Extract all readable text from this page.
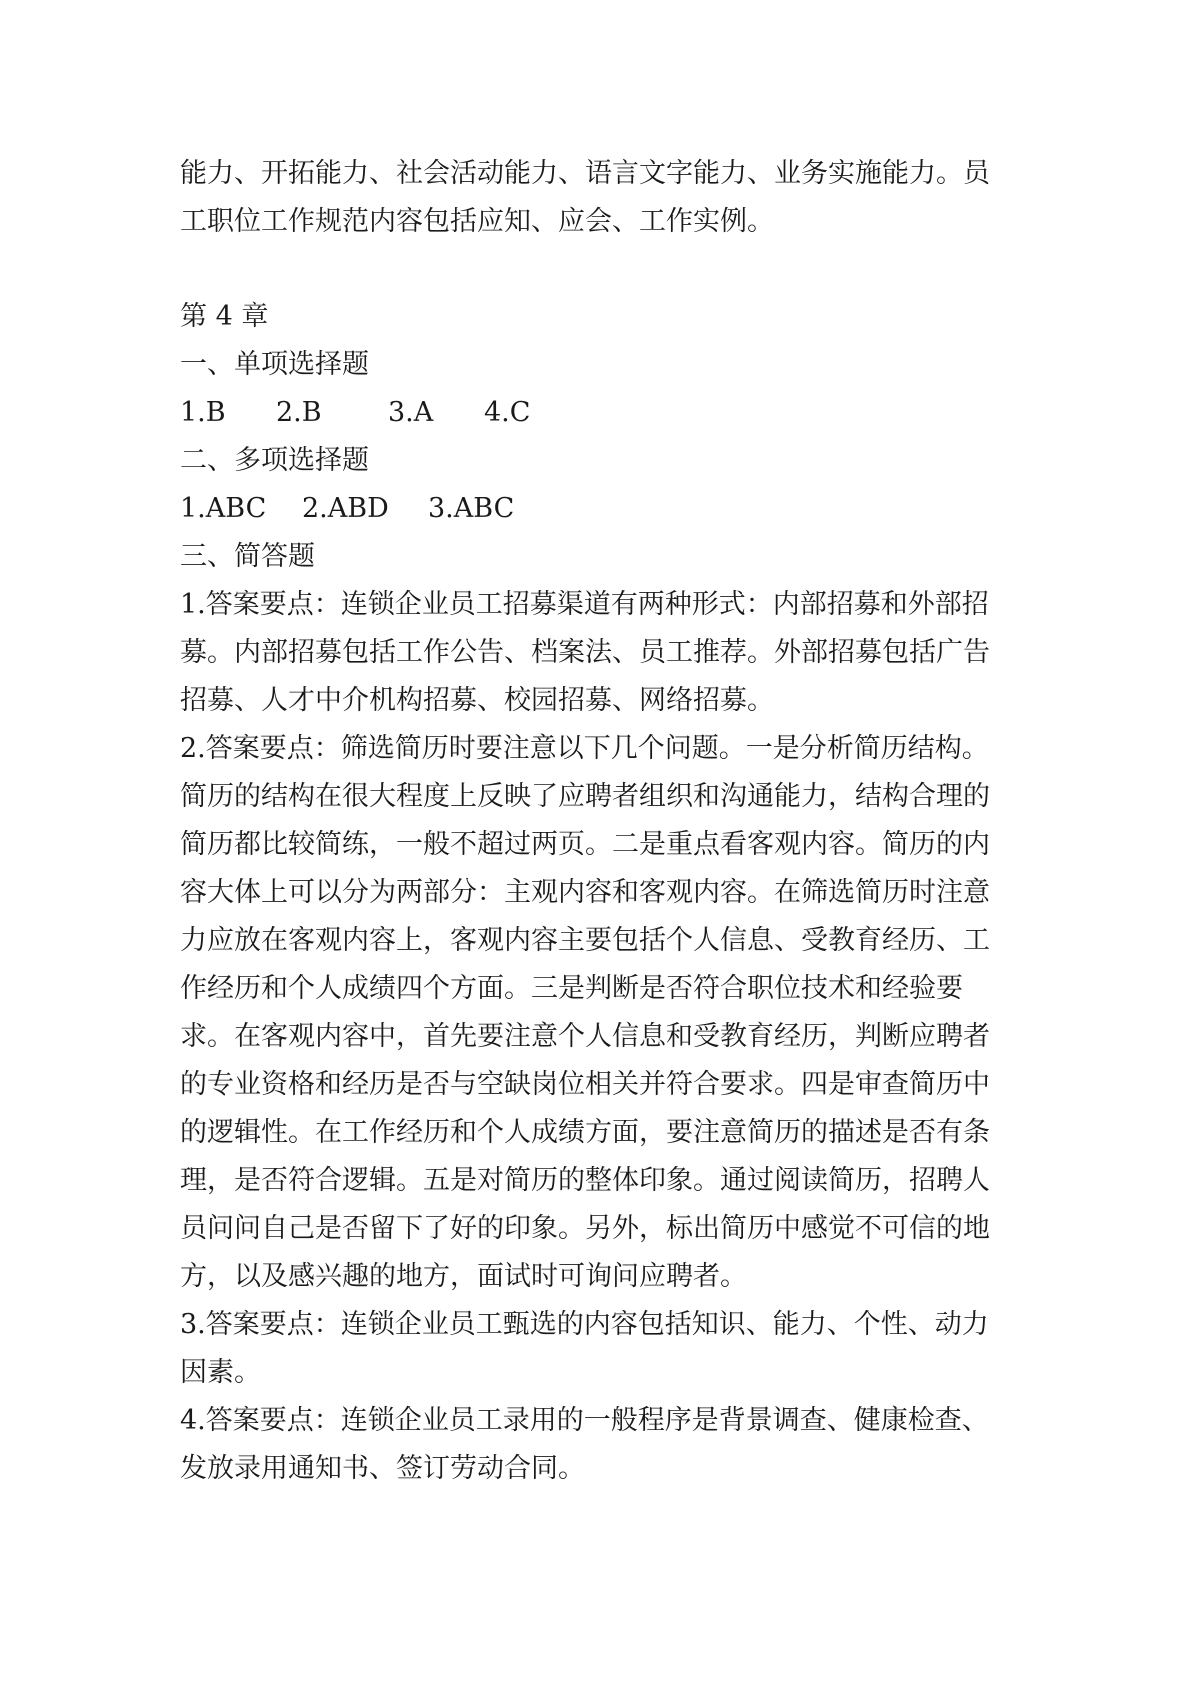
能力、开拓能力、社会活动能力、语言文字能力、业务实施能力。员
工职位工作规范内容包括应知、应会、工作实例。
第 4 章
一、单项选择题
1.B 2.B 3.A 4.C
二、多项选择题
1.ABC 2.ABD 3.ABC
三、简答题
1.答案要点：连锁企业员工招募渠道有两种形式：内部招募和外部招
募。内部招募包括工作公告、档案法、员工推荐。外部招募包括广告
招募、人才中介机构招募、校园招募、网络招募。
2.答案要点：筛选简历时要注意以下几个问题。一是分析简历结构。
简历的结构在很大程度上反映了应聘者组织和沟通能力，结构合理的
简历都比较简练，一般不超过两页。二是重点看客观内容。简历的内
容大体上可以分为两部分：主观内容和客观内容。在筛选简历时注意
力应放在客观内容上，客观内容主要包括个人信息、受教育经历、工
作经历和个人成绩四个方面。三是判断是否符合职位技术和经验要
求。在客观内容中，首先要注意个人信息和受教育经历，判断应聘者
的专业资格和经历是否与空缺岗位相关并符合要求。四是审查简历中
的逻辑性。在工作经历和个人成绩方面，要注意简历的描述是否有条
理，是否符合逻辑。五是对简历的整体印象。通过阅读简历，招聘人
员问问自己是否留下了好的印象。另外，标出简历中感觉不可信的地
方，以及感兴趣的地方，面试时可询问应聘者。
3.答案要点：连锁企业员工甄选的内容包括知识、能力、个性、动力
因素。
4.答案要点：连锁企业员工录用的一般程序是背景调查、健康检查、
发放录用通知书、签订劳动合同。
